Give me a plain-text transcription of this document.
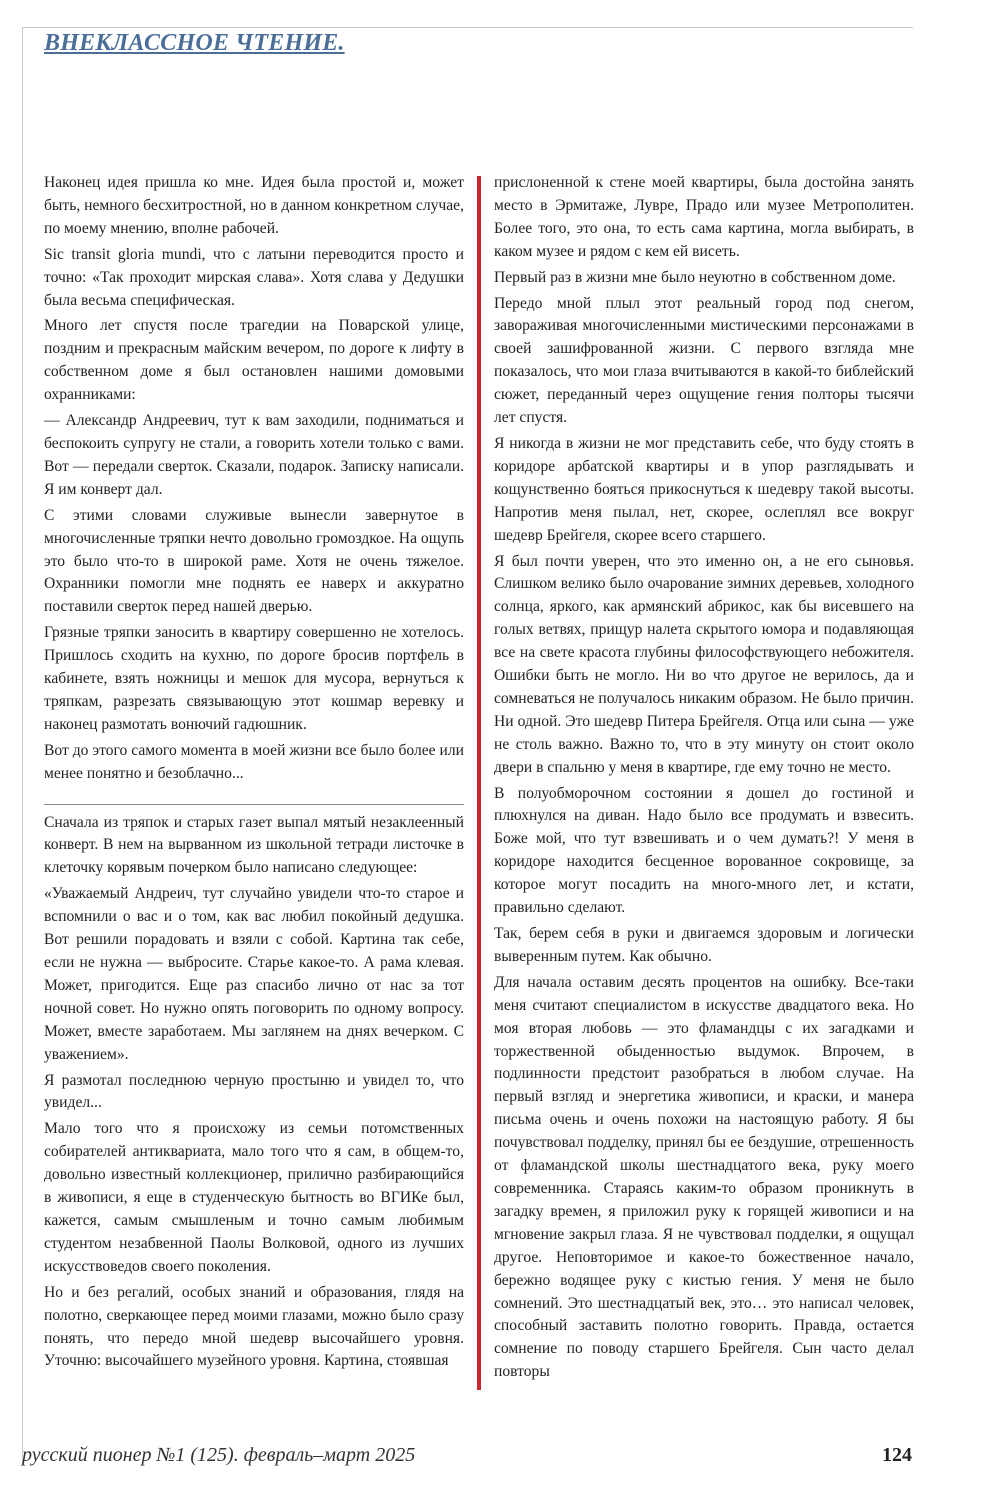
ВНЕКЛАССНОЕ ЧТЕНИЕ.

Наконец идея пришла ко мне. Идея была простой и, может быть, немного бесхитростной, но в данном конкретном случае, по моему мнению, вполне рабочей.

Sic transit gloria mundi, что с латыни переводится просто и точно: «Так проходит мирская слава». Хотя слава у Дедушки была весьма специфическая.

Много лет спустя после трагедии на Поварской улице, поздним и прекрасным майским вечером, по дороге к лифту в собственном доме я был остановлен нашими домовыми охранниками:

— Александр Андреевич, тут к вам заходили, подниматься и беспокоить супругу не стали, а говорить хотели только с вами. Вот — передали сверток. Сказали, подарок. Записку написали. Я им конверт дал.

С этими словами служивые вынесли завернутое в многочисленные тряпки нечто довольно громоздкое. На ощупь это было что-то в широкой раме. Хотя не очень тяжелое. Охранники помогли мне поднять ее наверх и аккуратно поставили сверток перед нашей дверью.

Грязные тряпки заносить в квартиру совершенно не хотелось. Пришлось сходить на кухню, по дороге бросив портфель в кабинете, взять ножницы и мешок для мусора, вернуться к тряпкам, разрезать связывающую этот кошмар веревку и наконец размотать вонючий гадюшник.

Вот до этого самого момента в моей жизни все было более или менее понятно и безоблачно...

Сначала из тряпок и старых газет выпал мятый незаклеенный конверт. В нем на вырванном из школьной тетради листочке в клеточку корявым почерком было написано следующее:

«Уважаемый Андреич, тут случайно увидели что-то старое и вспомнили о вас и о том, как вас любил покойный дедушка. Вот решили порадовать и взяли с собой. Картина так себе, если не нужна — выбросите. Старье какое-то. А рама клевая. Может, пригодится. Еще раз спасибо лично от нас за тот ночной совет. Но нужно опять поговорить по одному вопросу. Может, вместе заработаем. Мы заглянем на днях вечерком. С уважением».

Я размотал последнюю черную простыню и увидел то, что увидел...

Мало того что я происхожу из семьи потомственных собирателей антиквариата, мало того что я сам, в общем-то, довольно известный коллекционер, прилично разбирающийся в живописи, я еще в студенческую бытность во ВГИКе был, кажется, самым смышленым и точно самым любимым студентом незабвенной Паолы Волковой, одного из лучших искусствоведов своего поколения.

Но и без регалий, особых знаний и образования, глядя на полотно, сверкающее перед моими глазами, можно было сразу понять, что передо мной шедевр высочайшего уровня. Уточню: высочайшего музейного уровня. Картина, стоявшая

прислоненной к стене моей квартиры, была достойна занять место в Эрмитаже, Лувре, Прадо или музее Метрополитен. Более того, это она, то есть сама картина, могла выбирать, в каком музее и рядом с кем ей висеть.

Первый раз в жизни мне было неуютно в собственном доме.

Передо мной плыл этот реальный город под снегом, завораживая многочисленными мистическими персонажами в своей зашифрованной жизни. С первого взгляда мне показалось, что мои глаза вчитываются в какой-то библейский сюжет, переданный через ощущение гения полторы тысячи лет спустя.

Я никогда в жизни не мог представить себе, что буду стоять в коридоре арбатской квартиры и в упор разглядывать и кощунственно бояться прикоснуться к шедевру такой высоты. Напротив меня пылал, нет, скорее, ослеплял все вокруг шедевр Брейгеля, скорее всего старшего.

Я был почти уверен, что это именно он, а не его сыновья. Слишком велико было очарование зимних деревьев, холодного солнца, яркого, как армянский абрикос, как бы висевшего на голых ветвях, прищур налета скрытого юмора и подавляющая все на свете красота глубины философствующего небожителя. Ошибки быть не могло. Ни во что другое не верилось, да и сомневаться не получалось никаким образом. Не было причин. Ни одной. Это шедевр Питера Брейгеля. Отца или сына — уже не столь важно. Важно то, что в эту минуту он стоит около двери в спальню у меня в квартире, где ему точно не место.

В полуобморочном состоянии я дошел до гостиной и плюхнулся на диван. Надо было все продумать и взвесить. Боже мой, что тут взвешивать и о чем думать?! У меня в коридоре находится бесценное ворованное сокровище, за которое могут посадить на много-много лет, и кстати, правильно сделают.

Так, берем себя в руки и двигаемся здоровым и логически выверенным путем. Как обычно.

Для начала оставим десять процентов на ошибку. Все-таки меня считают специалистом в искусстве двадцатого века. Но моя вторая любовь — это фламандцы с их загадками и торжественной обыденностью выдумок. Впрочем, в подлинности предстоит разобраться в любом случае. На первый взгляд и энергетика живописи, и краски, и манера письма очень и очень похожи на настоящую работу. Я бы почувствовал подделку, принял бы ее бездушие, отрешенность от фламандской школы шестнадцатого века, руку моего современника. Стараясь каким-то образом проникнуть в загадку времен, я приложил руку к горящей живописи и на мгновение закрыл глаза. Я не чувствовал подделки, я ощущал другое. Неповторимое и какое-то божественное начало, бережно водящее руку с кистью гения. У меня не было сомнений. Это шестнадцатый век, это… это написал человек, способный заставить полотно говорить. Правда, остается сомнение по поводу старшего Брейгеля. Сын часто делал повторы

русский пионер №1 (125). февраль–март 2025	124
